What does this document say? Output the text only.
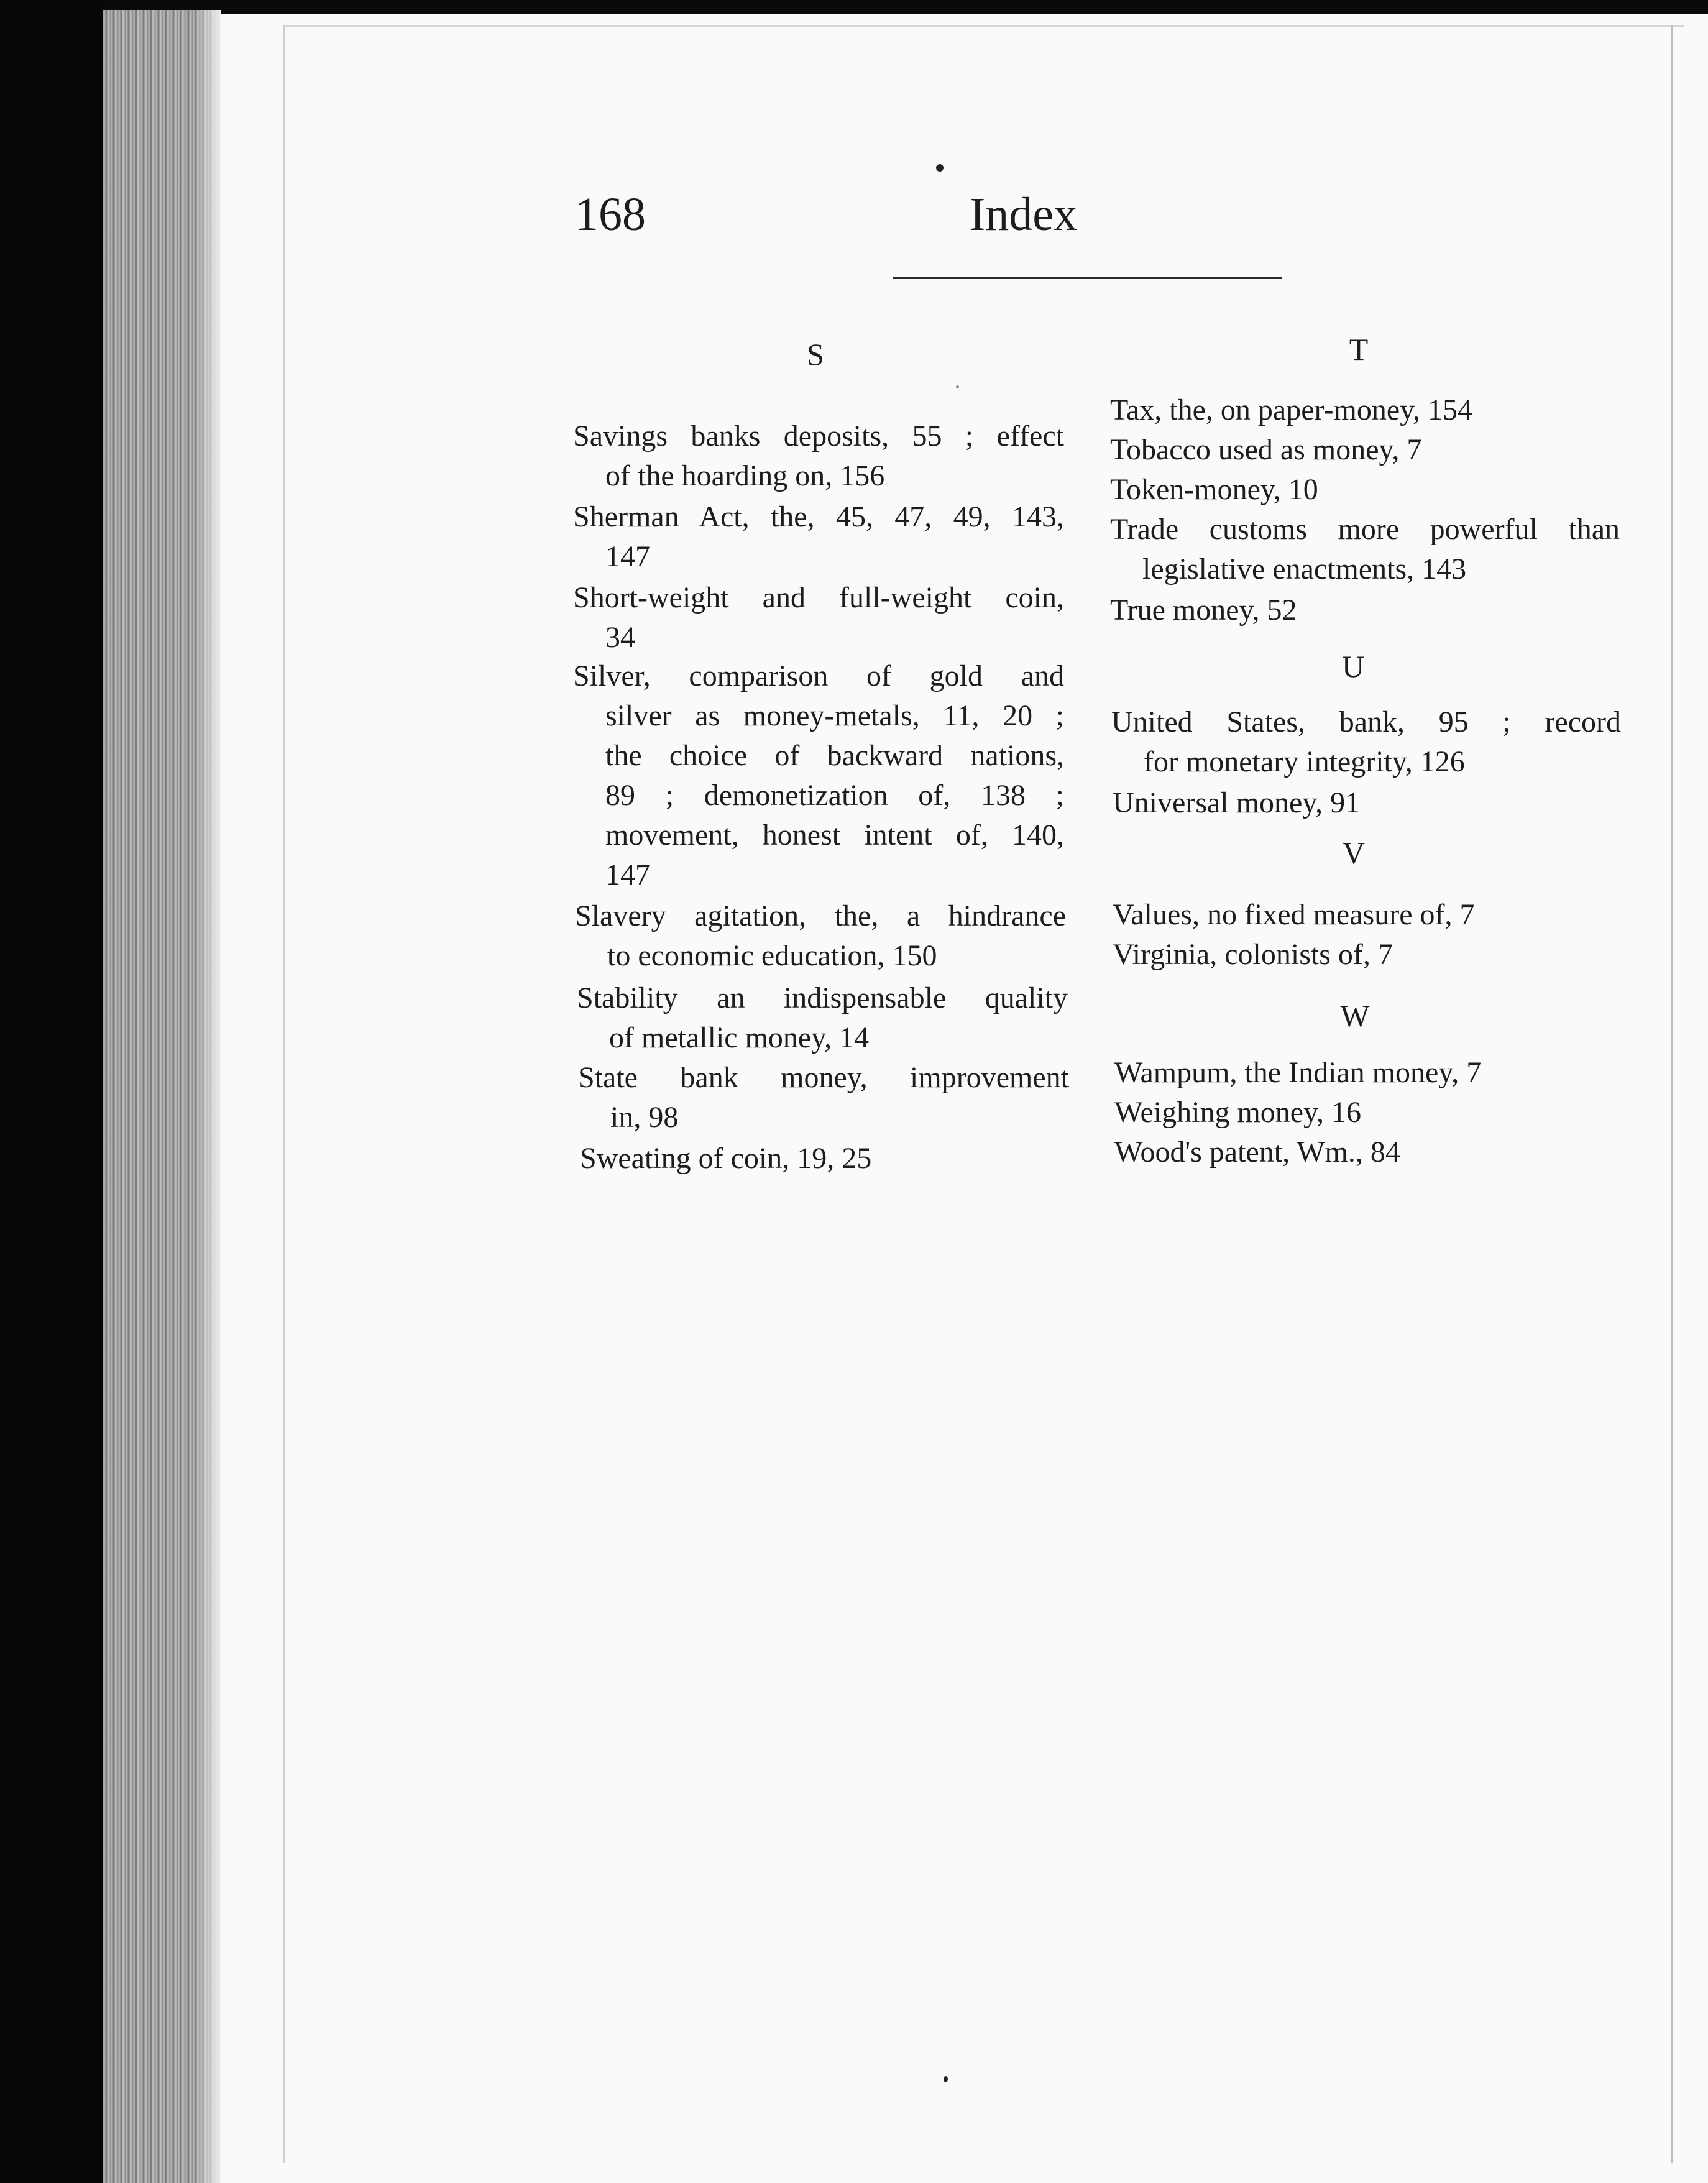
168	Index
S
Savings banks deposits, 55 ; effect
of the hoarding on, 156
Sherman Act, the, 45, 47, 49, 143,
147
Short-weight and full-weight coin,
34
Silver, comparison of gold and
silver as money-metals, 11, 20 ;
the choice of backward nations,
89 ; demonetization of, 138 ;
movement, honest intent of, 140,
147
Slavery agitation, the, a hindrance
to economic education, 150
Stability an indispensable quality
of metallic money, 14
State bank money, improvement
in, 98
Sweating of coin, 19, 25
T
Tax, the, on paper-money, 154
Tobacco used as money, 7
Token-money, 10
Trade customs more powerful than
legislative enactments, 143
True money, 52
U
United States, bank, 95 ; record
for monetary integrity, 126
Universal money, 91
V
Values, no fixed measure of, 7
Virginia, colonists of, 7
W
Wampum, the Indian money, 7
Weighing money, 16
Wood's patent, Wm., 84
